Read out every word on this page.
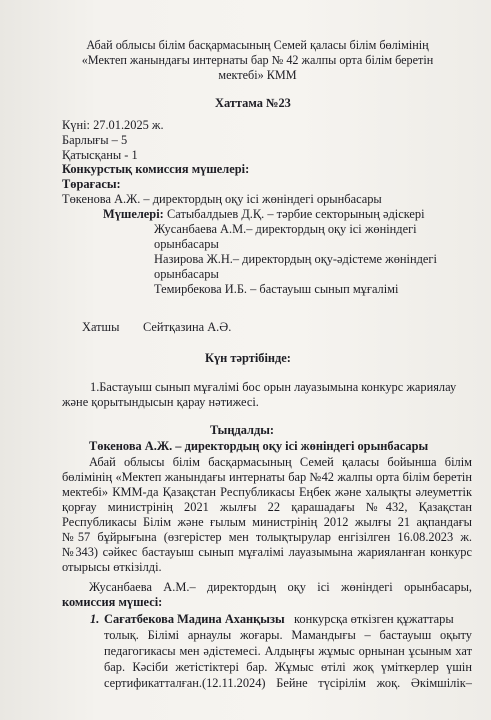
Абай облысы білім басқармасының Семей қаласы білім бөлімінің
«Мектеп жанындағы интернаты бар № 42 жалпы орта білім беретін
мектебі» КММ
Хаттама №23
Күні: 27.01.2025 ж.
Барлығы – 5
Қатысқаны - 1
Конкурстық комиссия мүшелері:
Төрағасы:
Төкенова А.Ж. – директордың оқу ісі жөніндегі орынбасары
Мүшелері: Сатыбалдыев Д.Қ. – тәрбие секторының әдіскері
Жусанбаева А.М.– директордың оқу ісі жөніндегі
орынбасары
Назирова Ж.Н.– директордың оқу-әдістеме жөніндегі
орынбасары
Темирбекова И.Б. – бастауыш сынып мұғалімі
Хатшы Сейтқазина А.Ә.
Күн тәртібінде:
1.Бастауыш сынып мұғалімі бос орын лауазымына конкурс жариялау
және қорытындысын қарау нәтижесі.
Тыңдалды:
Төкенова А.Ж. – директордың оқу ісі жөніндегі орынбасары
Абай облысы білім басқармасының Семей қаласы бойынша білім
бөлімінің «Мектеп жанындағы интернаты бар №42 жалпы орта білім беретін
мектебі» КММ-да Қазақстан Республикасы Еңбек және халықты әлеуметтік
қорғау министрінің 2021 жылғы 22 қарашадағы №432, Қазақстан
Республикасы Білім және ғылым министрінің 2012 жылғы 21 ақпандағы
№57 бұйрығына (өзгерістер мен толықтырулар енгізілген 16.08.2023 ж.
№343) сәйкес бастауыш сынып мұғалімі лауазымына жарияланған конкурс
отырысы өткізілді.
Жусанбаева А.М.– директордың оқу ісі жөніндегі орынбасары,
комиссия мүшесі:
1. Сағатбекова Мадина Аханқызы конкурсқа өткізген құжаттары
толық. Білімі арнаулы жоғары. Мамандығы – бастауыш оқыту
педагогикасы мен әдістемесі. Алдыңғы жұмыс орнынан ұсыным хат
бар. Кәсіби жетістіктері бар. Жұмыс өтілі жоқ үміткерлер үшін
сертификатталған.(12.11.2024) Бейне түсірілім жоқ. Әкімшілік–
